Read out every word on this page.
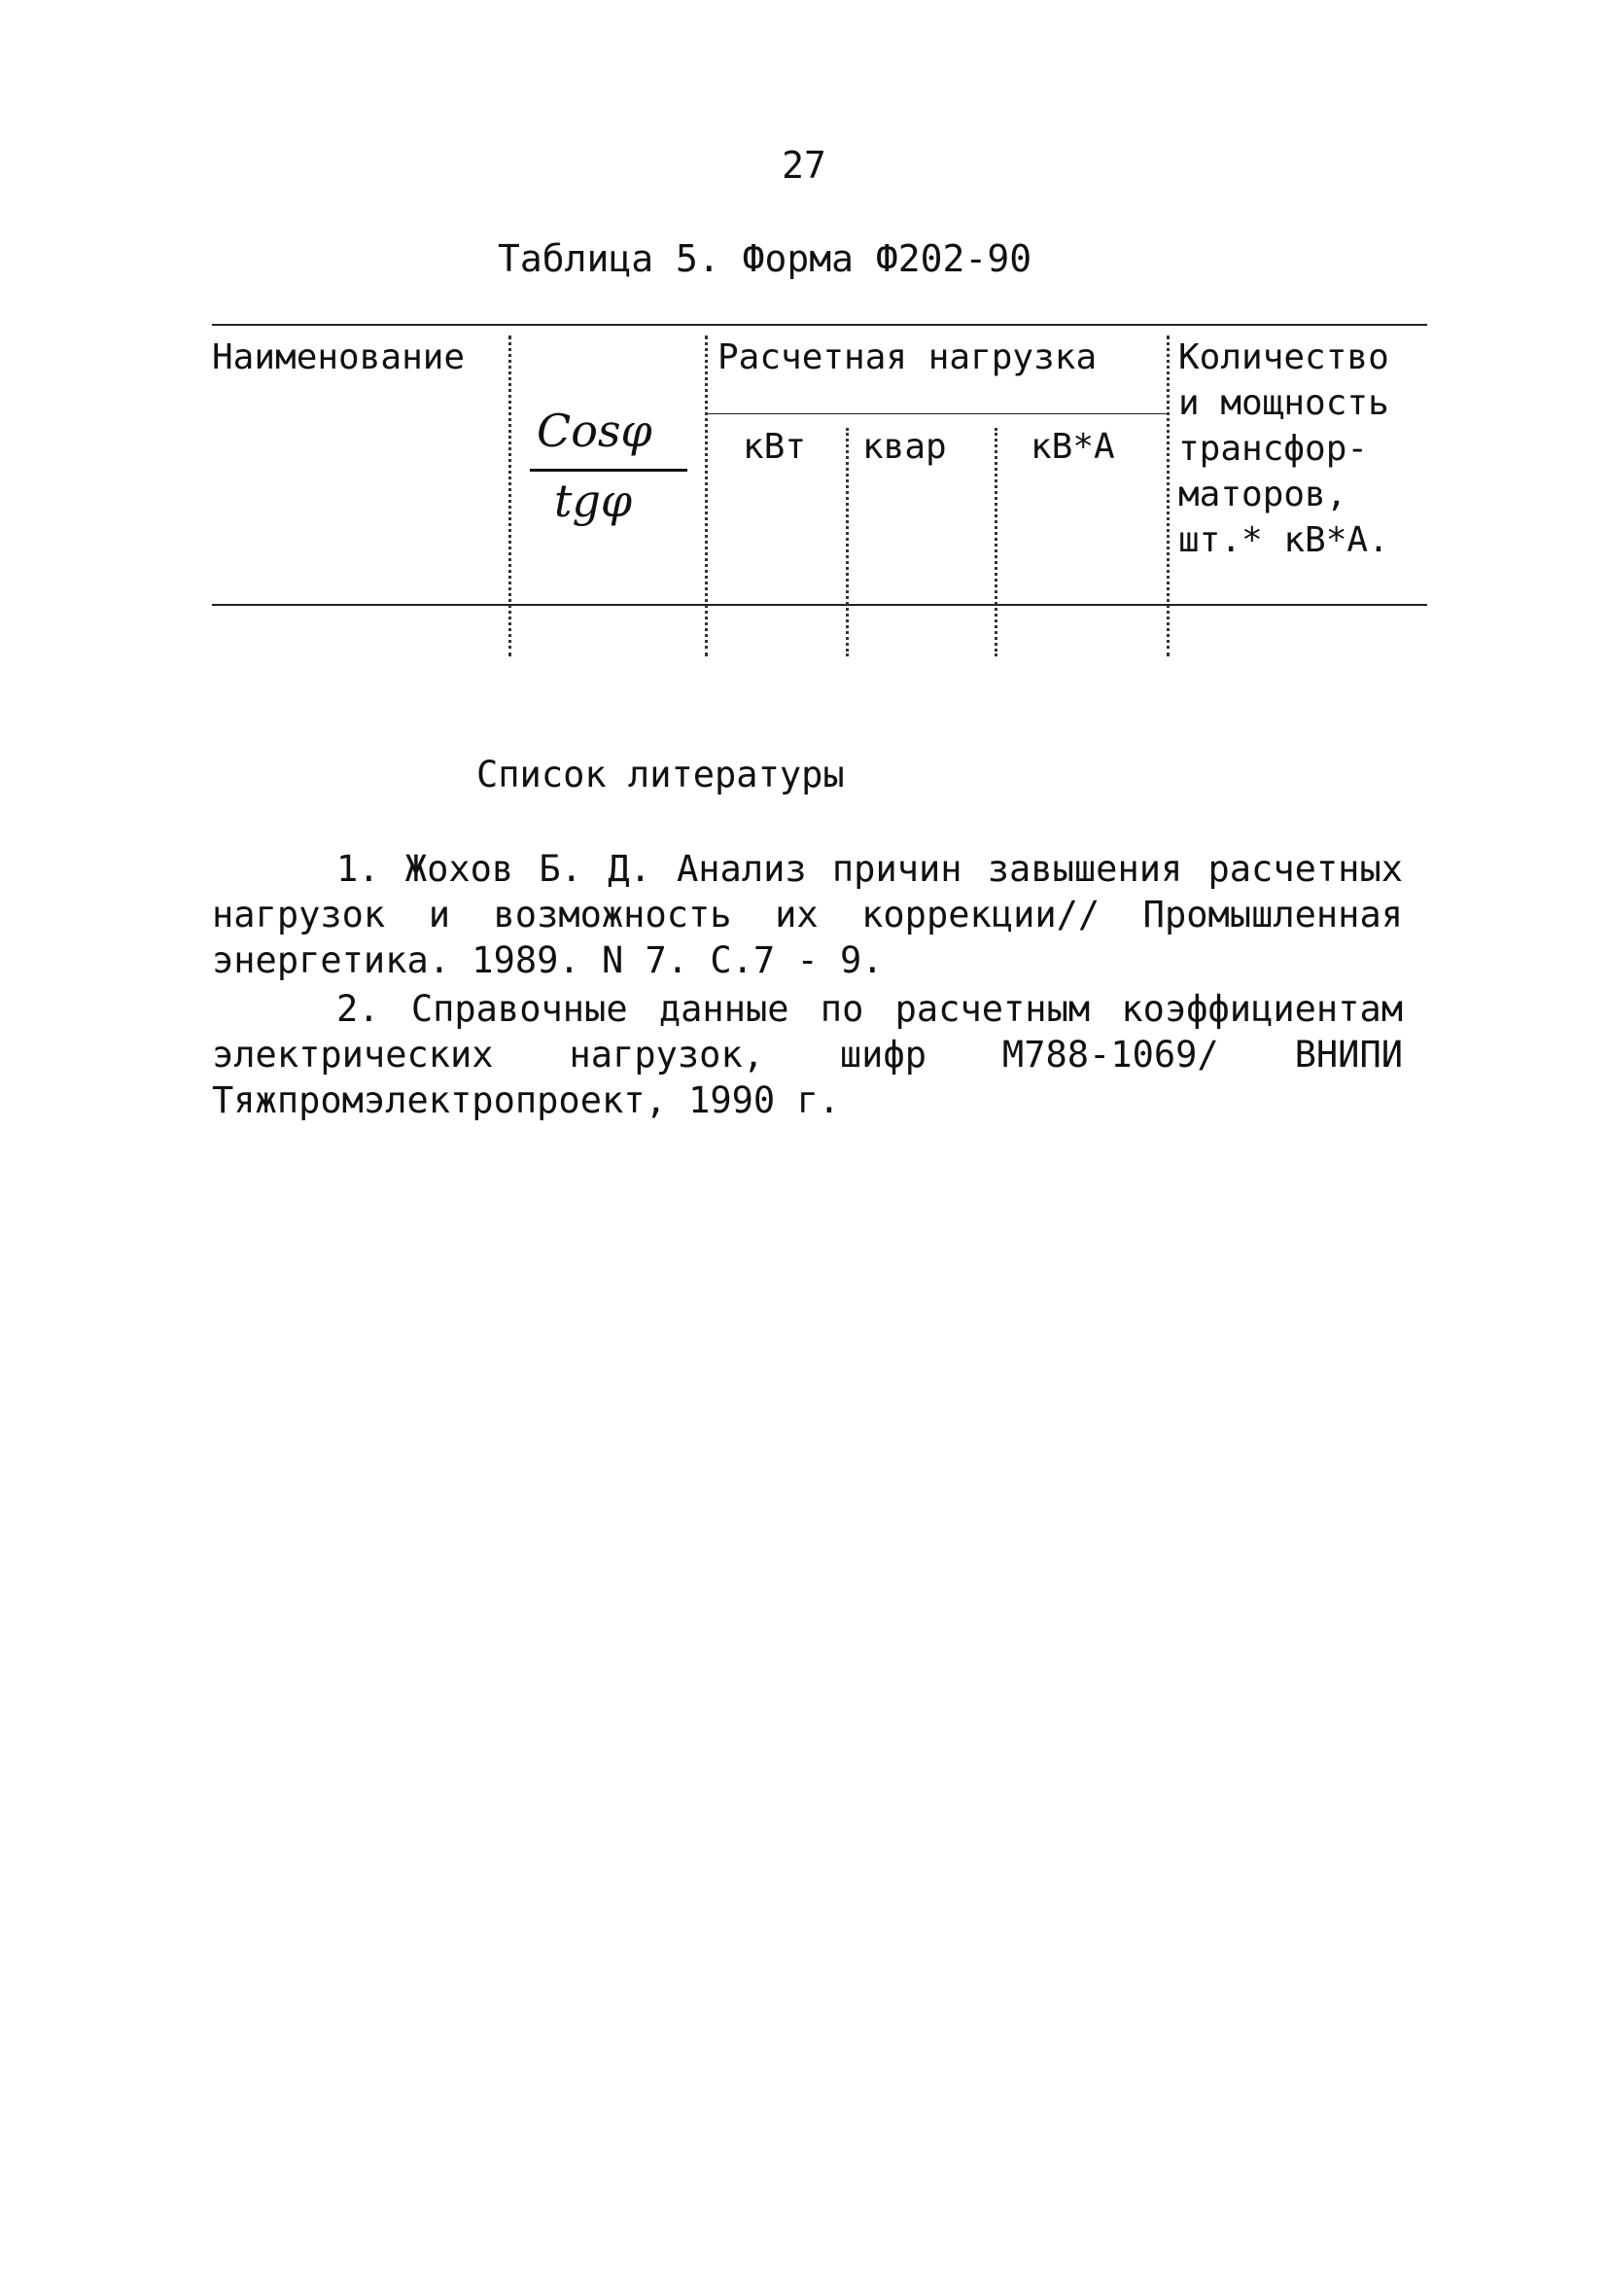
27
Таблица 5. Форма Ф202-90
Наименование
Cosφ
tgφ
Расчетная нагрузка
кВт квар кВ*А
Количество
и мощность
трансфор-
маторов,
шт.* кВ*А.
Список литературы
1. Жохов Б. Д. Анализ причин завышения расчетных нагрузок и возможность их коррекции// Промышленная энергетика. 1989. N 7. С.7 - 9.
2. Справочные данные по расчетным коэффициентам электрических нагрузок, шифр М788-1069/ ВНИПИ Тяжпромэлектропроект, 1990 г.
